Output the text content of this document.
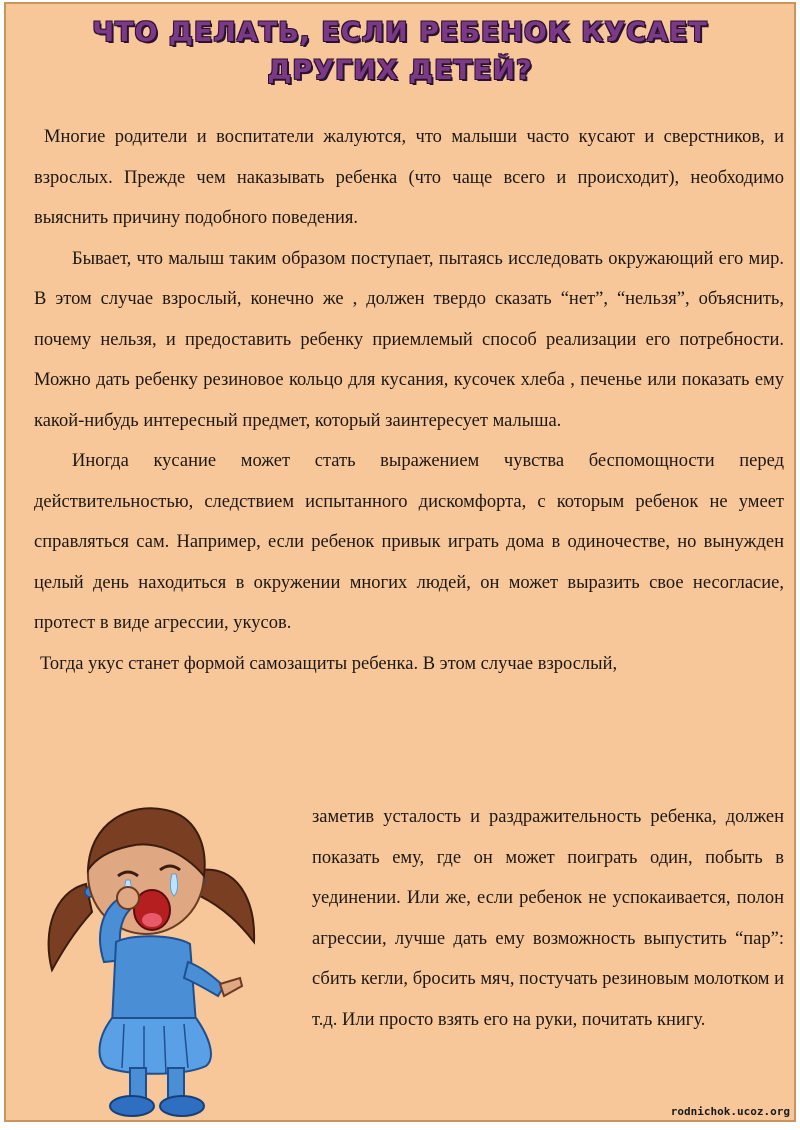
ЧТО ДЕЛАТЬ, ЕСЛИ РЕБЕНОК КУСАЕТ
ДРУГИХ ДЕТЕЙ?

Многие родители и воспитатели жалуются, что малыши часто кусают и сверстников, и взрослых. Прежде чем наказывать ребенка (что чаще всего и происходит), необходимо выяснить причину подобного поведения.

Бывает, что малыш таким образом поступает, пытаясь исследовать окружающий его мир. В этом случае взрослый, конечно же , должен твердо сказать “нет”, “нельзя”, объяснить, почему нельзя, и предоставить ребенку приемлемый способ реализации его потребности. Можно дать ребенку резиновое кольцо для кусания, кусочек хлеба , печенье или показать ему какой-нибудь интересный предмет, который заинтересует малыша.

Иногда кусание может стать выражением чувства беспомощности перед действительностью, следствием испытанного дискомфорта, с которым ребенок не умеет справляться сам. Например, если ребенок привык играть дома в одиночестве, но вынужден целый день находиться в окружении многих людей, он может выразить свое несогласие, протест в виде агрессии, укусов.

Тогда укус станет формой самозащиты ребенка. В этом случае взрослый,

заметив усталость и раздражительность ребенка, должен показать ему, где он может поиграть один, побыть в уединении. Или же, если ребенок не успокаивается, полон агрессии, лучше дать ему возможность выпустить “пар”: сбить кегли, бросить мяч, постучать резиновым молотком и т.д. Или просто взять его на руки, почитать книгу.

rodnichok.ucoz.org
